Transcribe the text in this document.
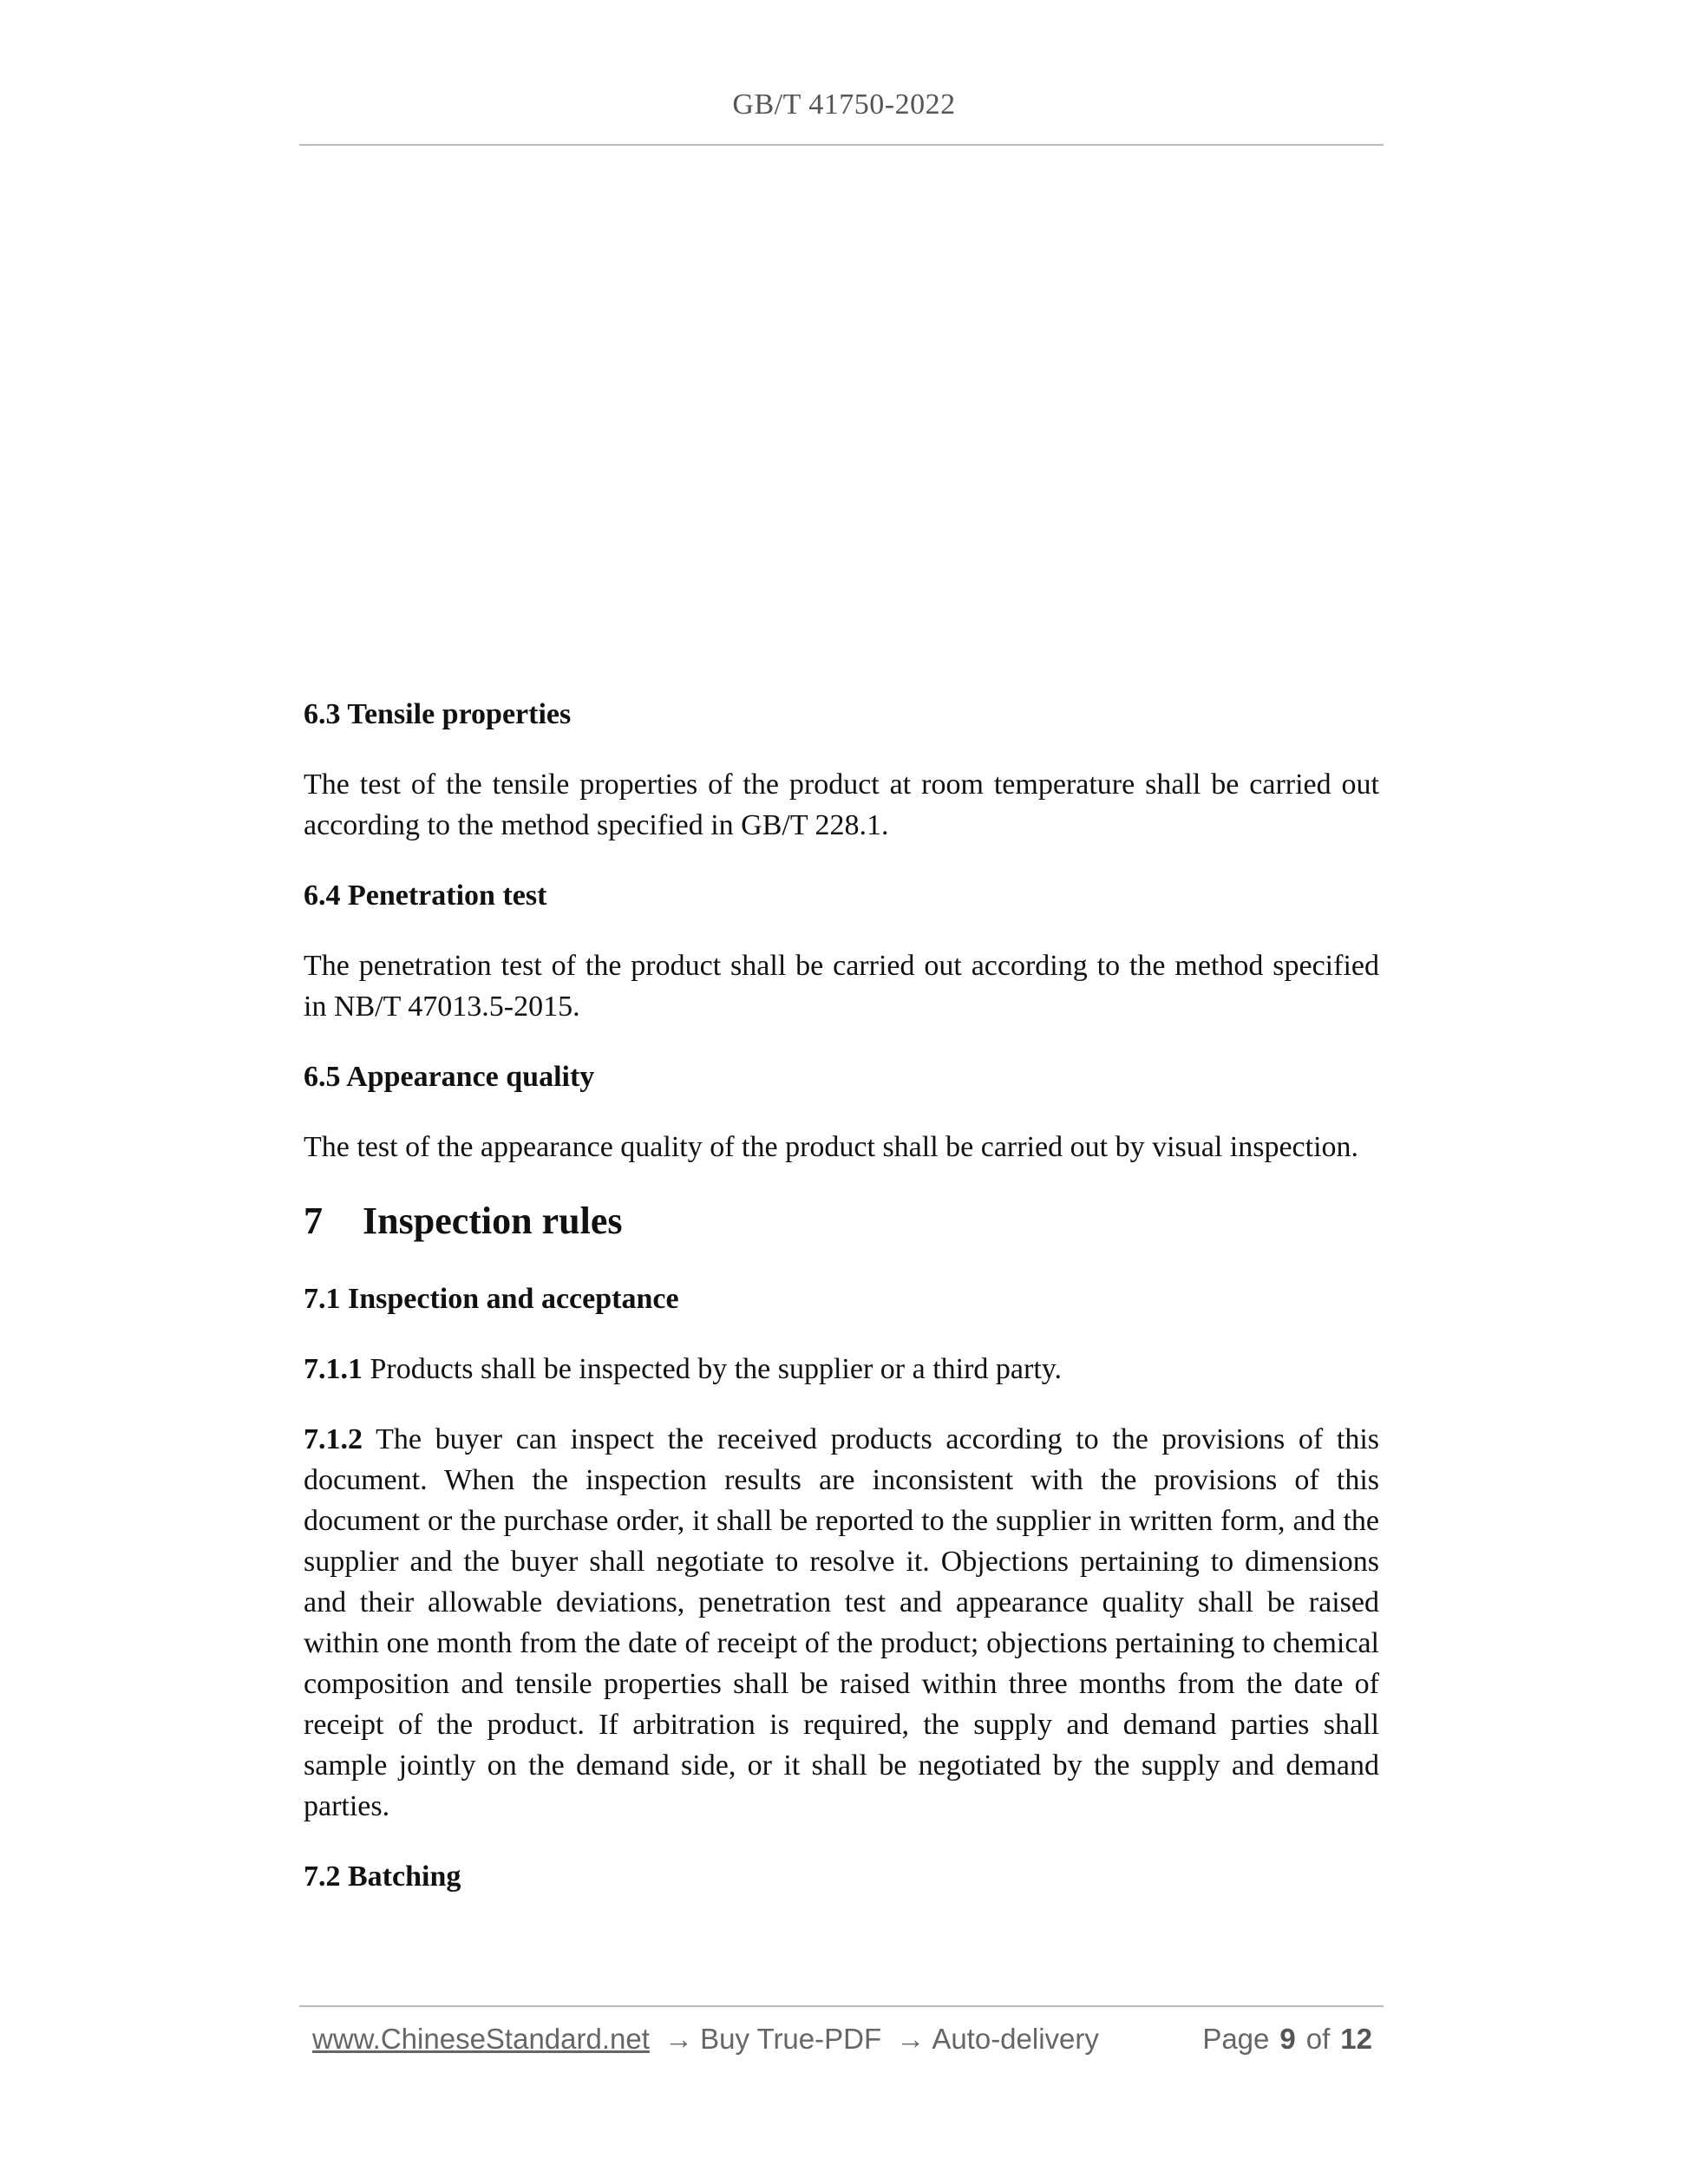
GB/T 41750-2022

6.3 Tensile properties

The test of the tensile properties of the product at room temperature shall be carried out according to the method specified in GB/T 228.1.

6.4 Penetration test

The penetration test of the product shall be carried out according to the method specified in NB/T 47013.5-2015.

6.5 Appearance quality

The test of the appearance quality of the product shall be carried out by visual inspection.

7 Inspection rules

7.1 Inspection and acceptance

7.1.1 Products shall be inspected by the supplier or a third party.

7.1.2 The buyer can inspect the received products according to the provisions of this document. When the inspection results are inconsistent with the provisions of this document or the purchase order, it shall be reported to the supplier in written form, and the supplier and the buyer shall negotiate to resolve it. Objections pertaining to dimensions and their allowable deviations, penetration test and appearance quality shall be raised within one month from the date of receipt of the product; objections pertaining to chemical composition and tensile properties shall be raised within three months from the date of receipt of the product. If arbitration is required, the supply and demand parties shall sample jointly on the demand side, or it shall be negotiated by the supply and demand parties.

7.2 Batching

www.ChineseStandard.net → Buy True-PDF → Auto-delivery	Page 9 of 12
